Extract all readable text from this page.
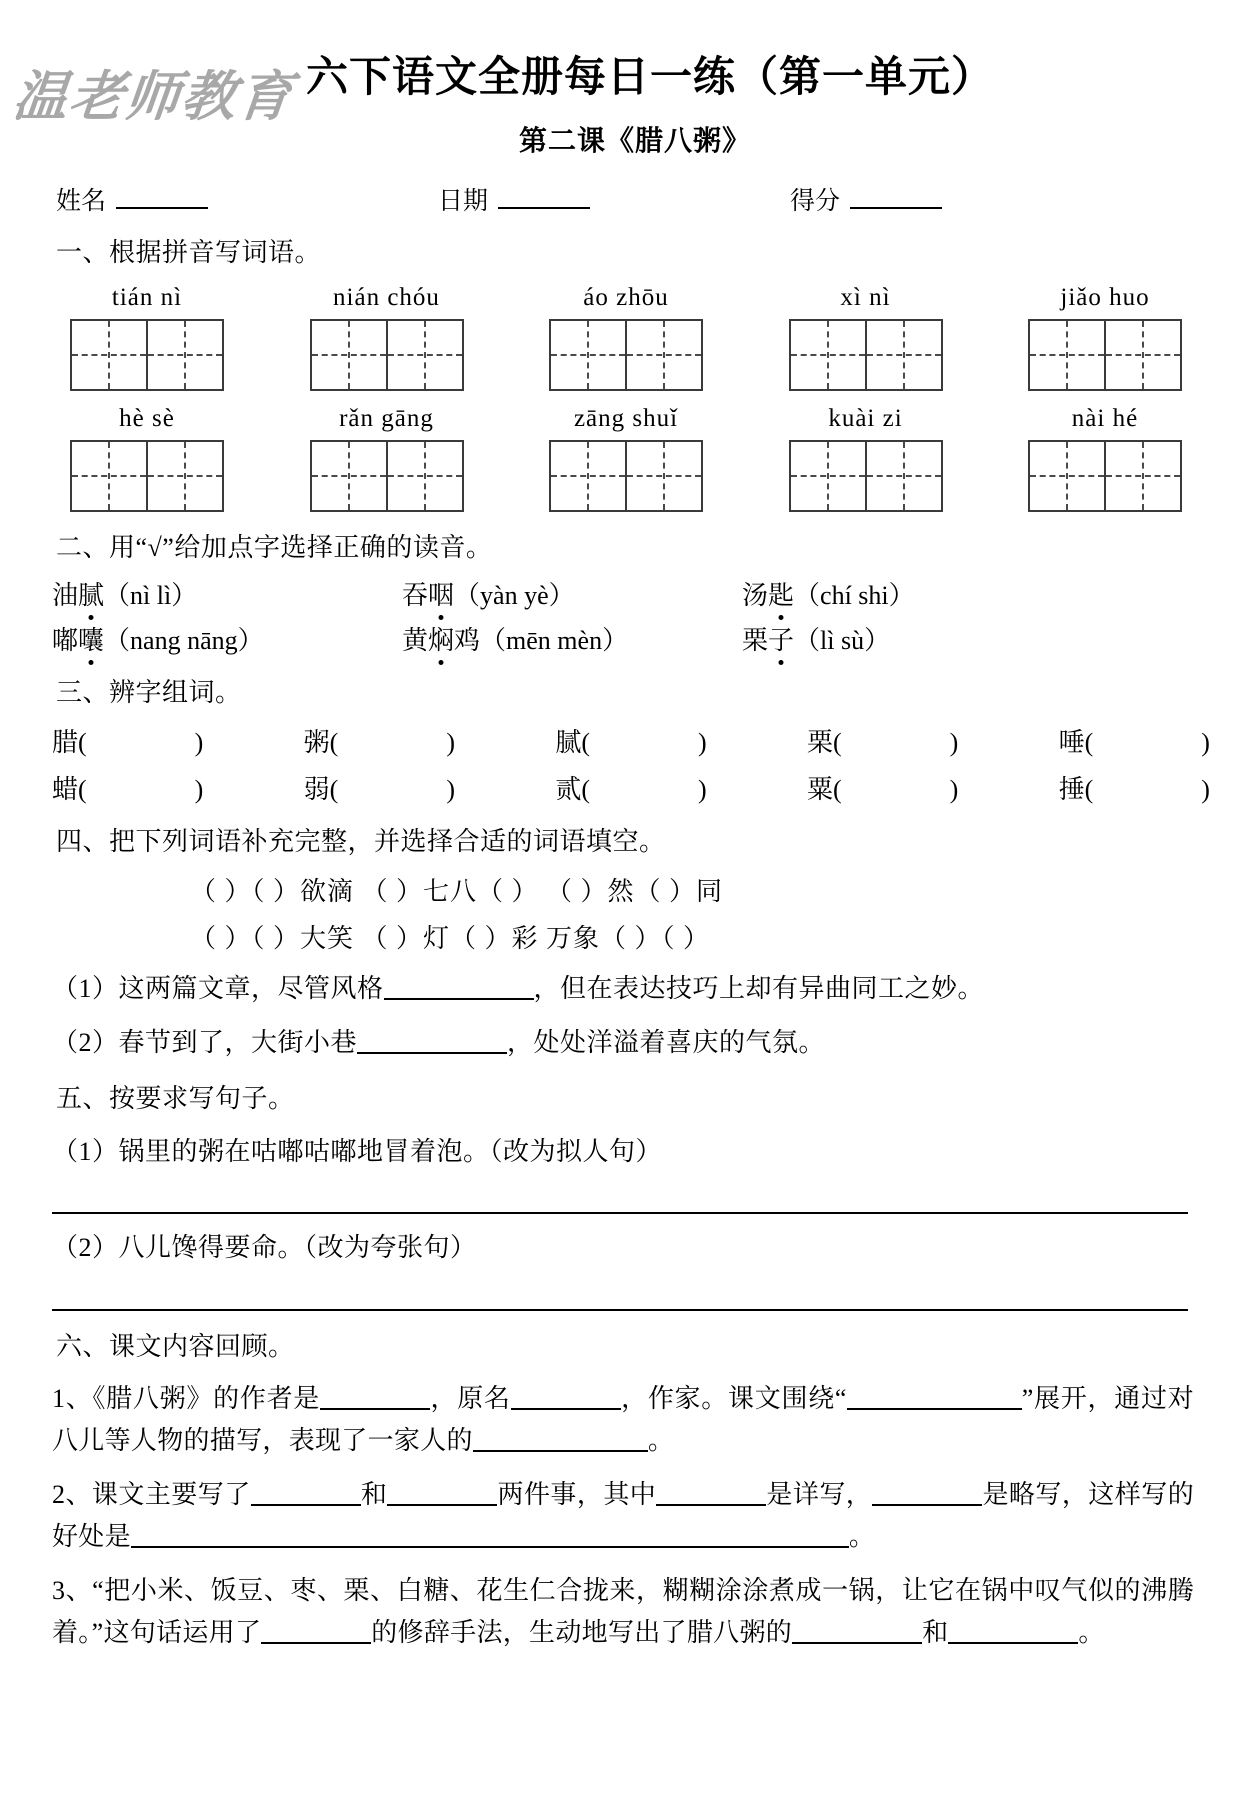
温老师教育 六下语文全册每日一练（第一单元）
第二课《腊八粥》
姓名	日期	得分
一、根据拼音写词语。
tián nì	nián chóu	áo zhōu	xì nì	jiǎo huo
hè sè	rǎn gāng	zāng shuǐ	kuài zi	nài hé
二、用“√”给加点字选择正确的读音。
油腻（nì lì）	吞咽（yàn yè）	汤匙（chí shi）
嘟囔（nang nāng）	黄焖鸡（mēn mèn）	栗子（lì sù）
三、辨字组词。
腊(	)	粥(	)	腻(	)	栗(	)	唾(	)
蜡(	)	弱(	)	贰(	)	粟(	)	捶(	)
四、把下列词语补充完整，并选择合适的词语填空。
（ ）（ ）欲滴 （ ）七八（ ） （ ）然（ ）同
（ ）（ ）大笑 （ ）灯（ ）彩 万象（ ）（ ）
（1）这两篇文章，尽管风格	，但在表达技巧上却有异曲同工之妙。
（2）春节到了，大街小巷	，处处洋溢着喜庆的气氛。
五、按要求写句子。
（1）锅里的粥在咕嘟咕嘟地冒着泡。（改为拟人句）
（2）八儿馋得要命。（改为夸张句）
六、课文内容回顾。
1、《腊八粥》的作者是	，原名	，作家。课文围绕“	”展开，通过对八儿等人物的描写，表现了一家人的	。
2、课文主要写了	和	两件事，其中	是详写，	是略写，这样写的好处是	。
3、“把小米、饭豆、枣、栗、白糖、花生仁合拢来，糊糊涂涂煮成一锅，让它在锅中叹气似的沸腾着。”这句话运用了	的修辞手法，生动地写出了腊八粥的	和	。
